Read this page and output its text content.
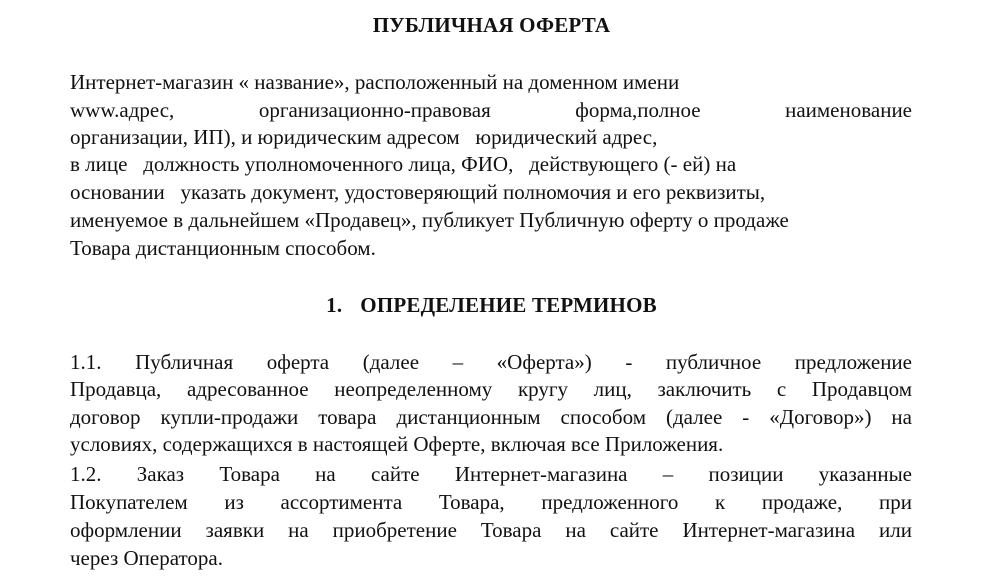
ПУБЛИЧНАЯ ОФЕРТА
Интернет-магазин « название», расположенный на доменном имени
www.адрес, организационно-правовая форма,полное наименование
организации, ИП), и юридическим адресом   юридический адрес,
в лице   должность уполномоченного лица, ФИО,   действующего (- ей) на
основании   указать документ, удостоверяющий полномочия и его реквизиты,
именуемое в дальнейшем «Продавец», публикует Публичную оферту о продаже
Товара дистанционным способом.
1. ОПРЕДЕЛЕНИЕ ТЕРМИНОВ
1.1. Публичная оферта (далее – «Оферта») - публичное предложение
Продавца, адресованное неопределенному кругу лиц, заключить с Продавцом
договор купли-продажи товара дистанционным способом (далее - «Договор») на
условиях, содержащихся в настоящей Оферте, включая все Приложения.
1.2. Заказ Товара на сайте Интернет-магазина – позиции указанные
Покупателем из ассортимента Товара, предложенного к продаже, при
оформлении заявки на приобретение Товара на сайте Интернет-магазина или
через Оператора.
